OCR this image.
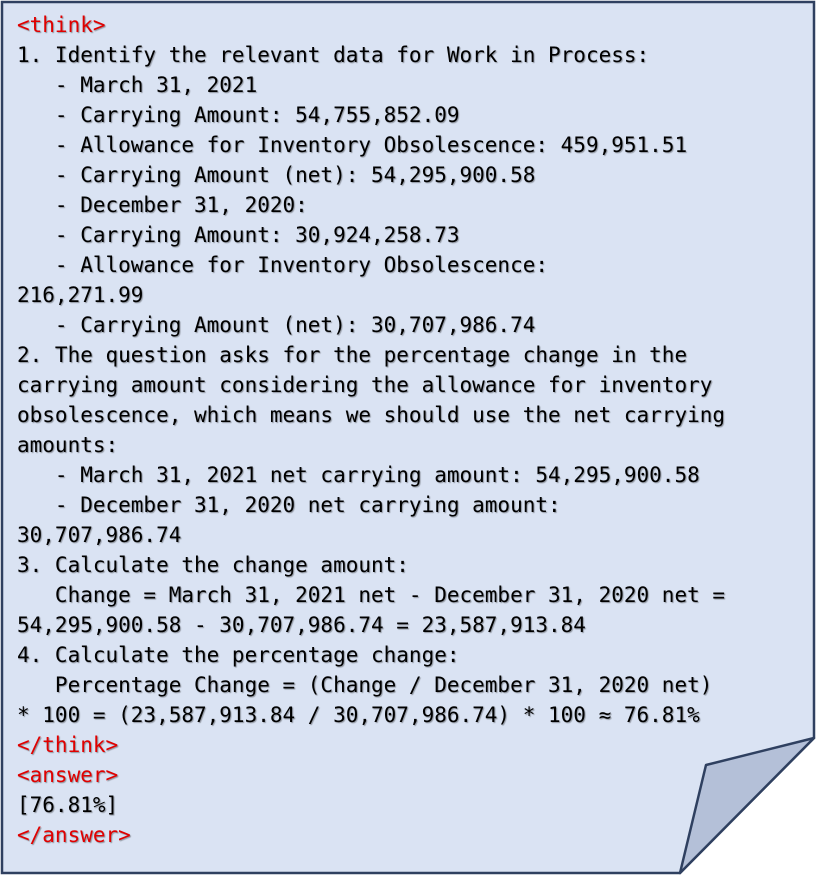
<think>
1. Identify the relevant data for Work in Process:
- March 31, 2021
- Carrying Amount: 54,755,852.09
- Allowance for Inventory Obsolescence: 459,951.51
- Carrying Amount (net): 54,295,900.58
- December 31, 2020:
- Carrying Amount: 30,924,258.73
- Allowance for Inventory Obsolescence:
216,271.99
- Carrying Amount (net): 30,707,986.74
2. The question asks for the percentage change in the
carrying amount considering the allowance for inventory
obsolescence, which means we should use the net carrying
amounts:
- March 31, 2021 net carrying amount: 54,295,900.58
- December 31, 2020 net carrying amount:
30,707,986.74
3. Calculate the change amount:
Change = March 31, 2021 net - December 31, 2020 net =
54,295,900.58 - 30,707,986.74 = 23,587,913.84
4. Calculate the percentage change:
Percentage Change = (Change / December 31, 2020 net)
* 100 = (23,587,913.84 / 30,707,986.74) * 100 ≈ 76.81%
</think>
<answer>
[76.81%]
</answer>
